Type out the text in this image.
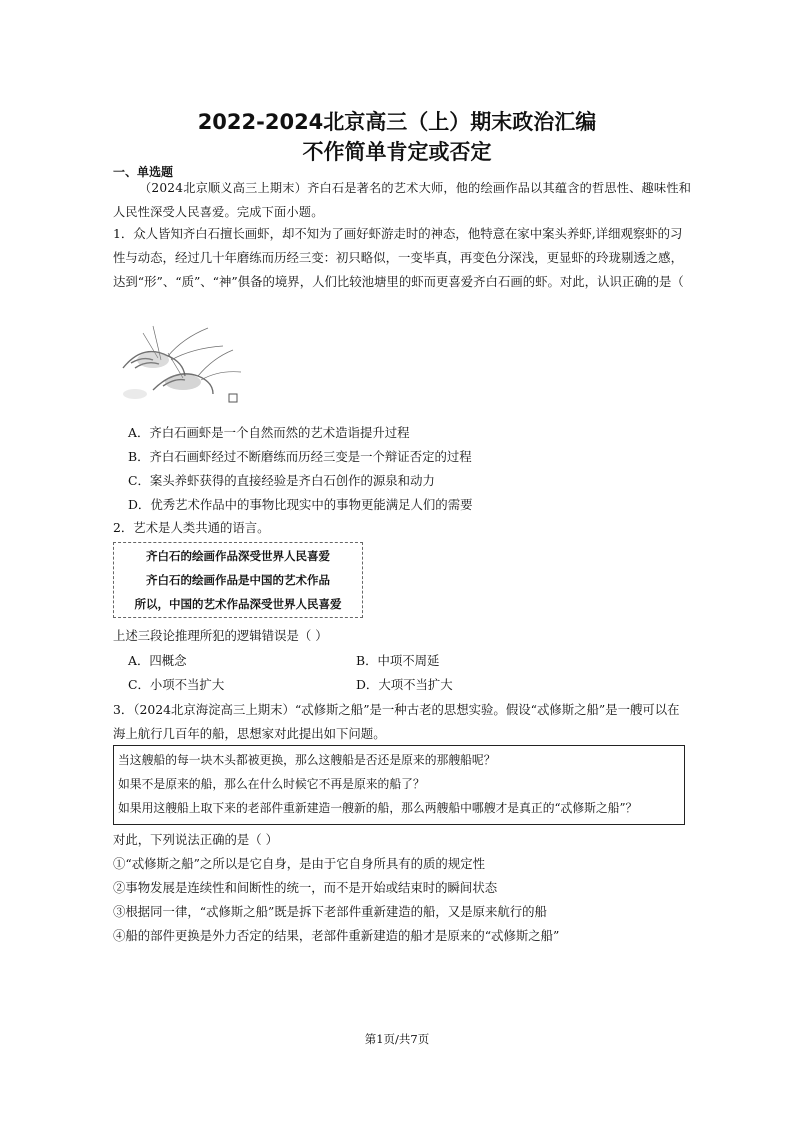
2022-2024北京高三（上）期末政治汇编
不作简单肯定或否定
一、单选题
（2024北京顺义高三上期末）齐白石是著名的艺术大师，他的绘画作品以其蕴含的哲思性、趣味性和人民性深受人民喜爱。完成下面小题。
1．众人皆知齐白石擅长画虾，却不知为了画好虾游走时的神态，他特意在家中案头养虾,详细观察虾的习性与动态，经过几十年磨练而历经三变：初只略似，一变毕真，再变色分深浅，更显虾的玲珑剔透之感，达到“形”、“质”、“神”俱备的境界，人们比较池塘里的虾而更喜爱齐白石画的虾。对此，认识正确的是（
A．齐白石画虾是一个自然而然的艺术造诣提升过程
B．齐白石画虾经过不断磨练而历经三变是一个辩证否定的过程
C．案头养虾获得的直接经验是齐白石创作的源泉和动力
D．优秀艺术作品中的事物比现实中的事物更能满足人们的需要
2．艺术是人类共通的语言。
齐白石的绘画作品深受世界人民喜爱
齐白石的绘画作品是中国的艺术作品
所以，中国的艺术作品深受世界人民喜爱
上述三段论推理所犯的逻辑错误是（ ）
A．四概念	B．中项不周延
C．小项不当扩大	D．大项不当扩大
3．（2024北京海淀高三上期末）“忒修斯之船”是一种古老的思想实验。假设“忒修斯之船”是一艘可以在海上航行几百年的船，思想家对此提出如下问题。
当这艘船的每一块木头都被更换，那么这艘船是否还是原来的那艘船呢？
如果不是原来的船，那么在什么时候它不再是原来的船了？
如果用这艘船上取下来的老部件重新建造一艘新的船，那么两艘船中哪艘才是真正的“忒修斯之船”？
对此，下列说法正确的是（ ）
①“忒修斯之船”之所以是它自身，是由于它自身所具有的质的规定性
②事物发展是连续性和间断性的统一，而不是开始或结束时的瞬间状态
③根据同一律，“忒修斯之船”既是拆下老部件重新建造的船，又是原来航行的船
④船的部件更换是外力否定的结果，老部件重新建造的船才是原来的“忒修斯之船”
第1页/共7页
